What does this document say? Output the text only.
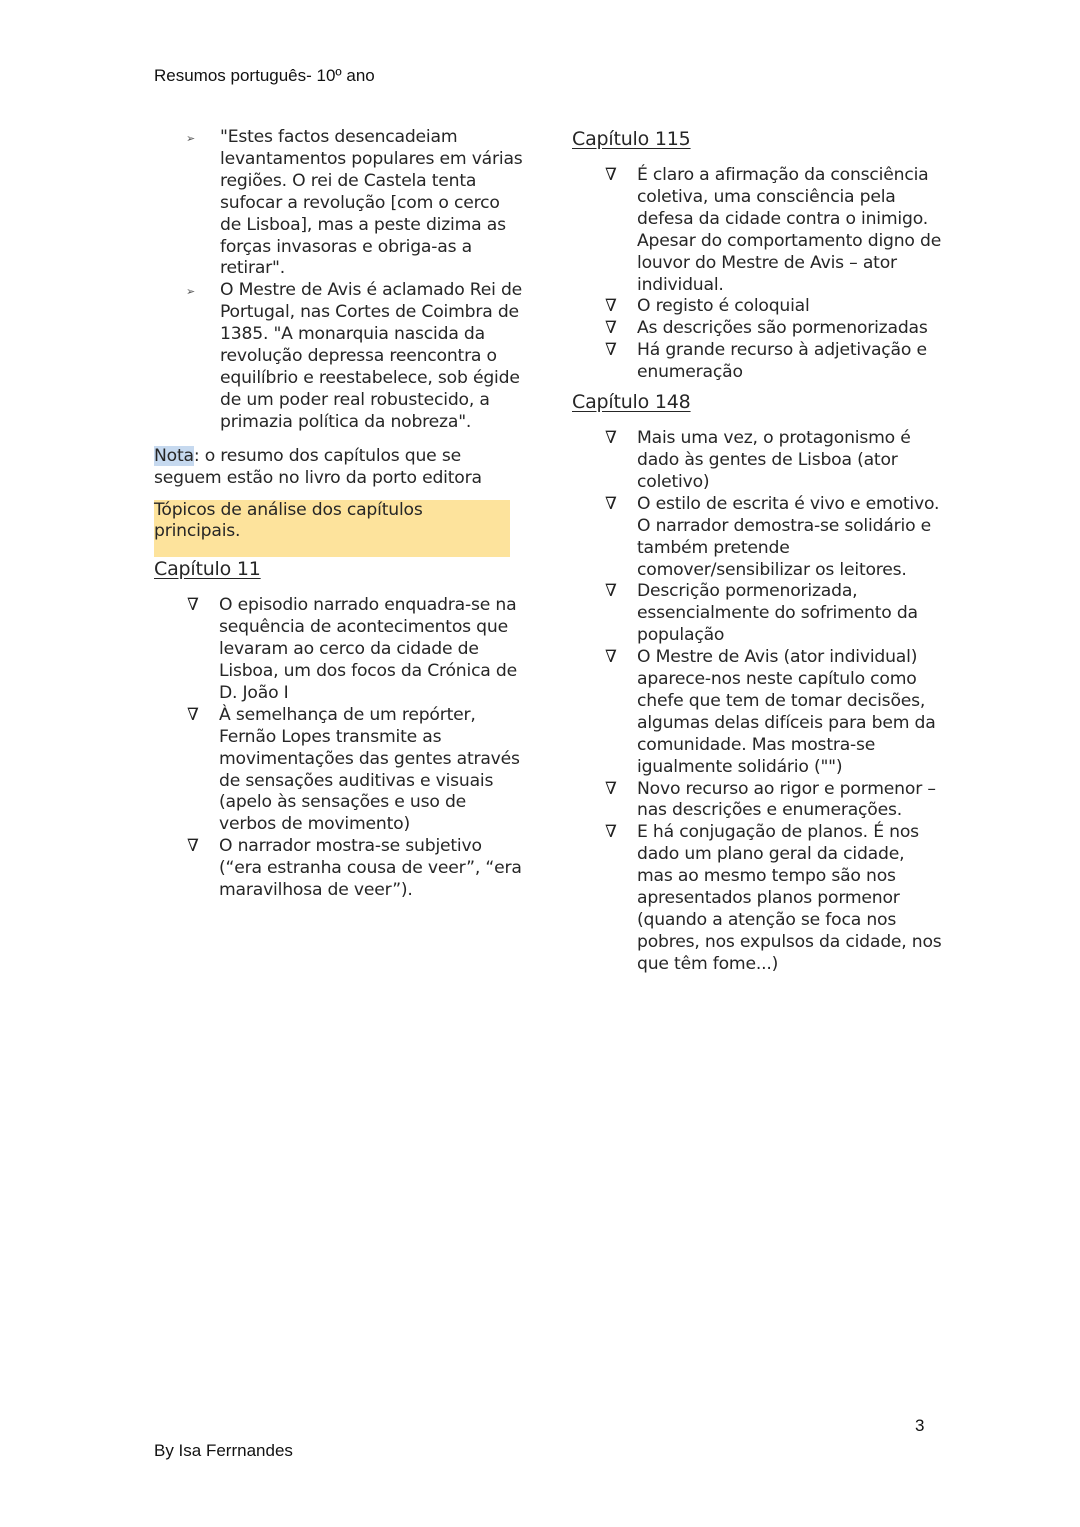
Resumos português- 10º ano
➢ "Estes factos desencadeiam levantamentos populares em várias regiões. O rei de Castela tenta sufocar a revolução [com o cerco de Lisboa], mas a peste dizima as forças invasoras e obriga-as a retirar".
➢ O Mestre de Avis é aclamado Rei de Portugal, nas Cortes de Coimbra de 1385. "A monarquia nascida da revolução depressa reencontra o equilíbrio e reestabelece, sob égide de um poder real robustecido, a primazia política da nobreza".

Nota: o resumo dos capítulos que se seguem estão no livro da porto editora

Tópicos de análise dos capítulos principais.

Capítulo 11

∇ O episodio narrado enquadra-se na sequência de acontecimentos que levaram ao cerco da cidade de Lisboa, um dos focos da Crónica de D. João I
∇ À semelhança de um repórter, Fernão Lopes transmite as movimentações das gentes através de sensações auditivas e visuais (apelo às sensações e uso de verbos de movimento)
∇ O narrador mostra-se subjetivo (“era estranha cousa de veer”, “era maravilhosa de veer”).

Capítulo 115

∇ É claro a afirmação da consciência coletiva, uma consciência pela defesa da cidade contra o inimigo. Apesar do comportamento digno de louvor do Mestre de Avis – ator individual.
∇ O registo é coloquial
∇ As descrições são pormenorizadas
∇ Há grande recurso à adjetivação e enumeração

Capítulo 148

∇ Mais uma vez, o protagonismo é dado às gentes de Lisboa (ator coletivo)
∇ O estilo de escrita é vivo e emotivo. O narrador demostra-se solidário e também pretende comover/sensibilizar os leitores.
∇ Descrição pormenorizada, essencialmente do sofrimento da população
∇ O Mestre de Avis (ator individual) aparece-nos neste capítulo como chefe que tem de tomar decisões, algumas delas difíceis para bem da comunidade. Mas mostra-se igualmente solidário ("")
∇ Novo recurso ao rigor e pormenor – nas descrições e enumerações.
∇ E há conjugação de planos. É nos dado um plano geral da cidade, mas ao mesmo tempo são nos apresentados planos pormenor (quando a atenção se foca nos pobres, nos expulsos da cidade, nos que têm fome...)
3
By Isa Ferrnandes
